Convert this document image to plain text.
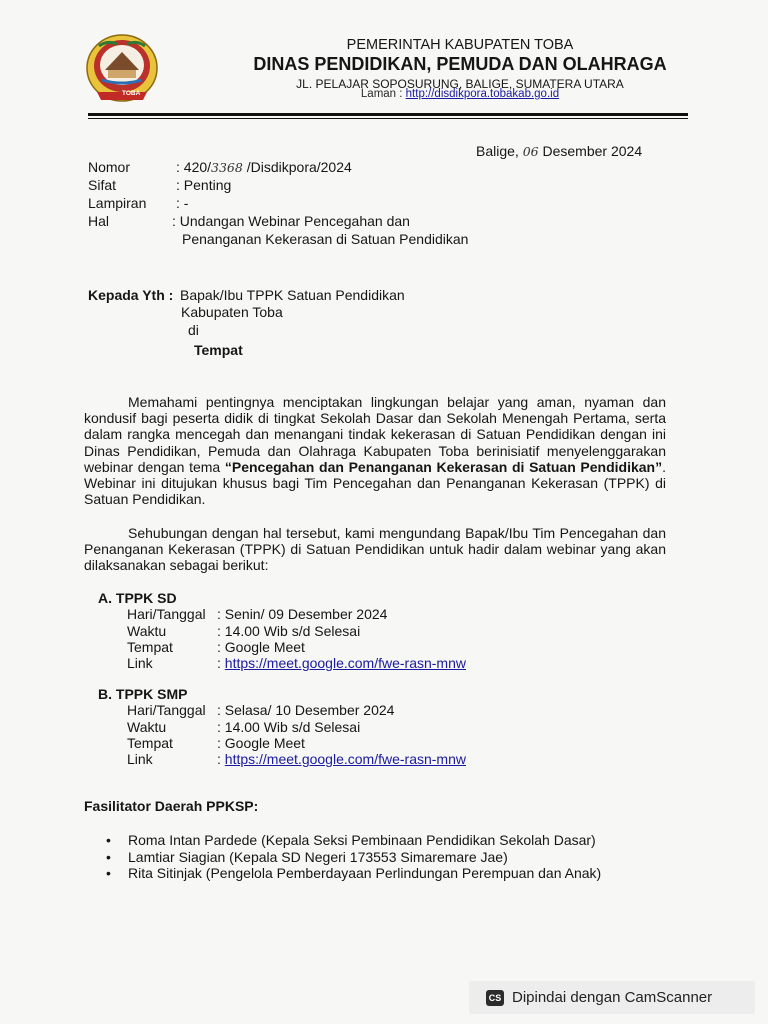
TOBA
PEMERINTAH KABUPATEN TOBA
DINAS PENDIDIKAN, PEMUDA DAN OLAHRAGA
JL. PELAJAR SOPOSURUNG, BALIGE, SUMATERA UTARA
Laman : http://disdikpora.tobakab.go.id
Balige, 06 Desember 2024
Nomor	: 420/3368 /Disdikpora/2024
Sifat	: Penting
Lampiran : -
Hal	: Undangan Webinar Pencegahan dan
Penanganan Kekerasan di Satuan Pendidikan
Kepada Yth : Bapak/Ibu TPPK Satuan Pendidikan
Kabupaten Toba
di
Tempat
Memahami pentingnya menciptakan lingkungan belajar yang aman, nyaman dan kondusif bagi peserta didik di tingkat Sekolah Dasar dan Sekolah Menengah Pertama, serta dalam rangka mencegah dan menangani tindak kekerasan di Satuan Pendidikan dengan ini Dinas Pendidikan, Pemuda dan Olahraga Kabupaten Toba berinisiatif menyelenggarakan webinar dengan tema “Pencegahan dan Penanganan Kekerasan di Satuan Pendidikan”. Webinar ini ditujukan khusus bagi Tim Pencegahan dan Penanganan Kekerasan (TPPK) di Satuan Pendidikan.
Sehubungan dengan hal tersebut, kami mengundang Bapak/Ibu Tim Pencegahan dan Penanganan Kekerasan (TPPK) di Satuan Pendidikan untuk hadir dalam webinar yang akan dilaksanakan sebagai berikut:
A. TPPK SD
Hari/Tanggal : Senin/ 09 Desember 2024
Waktu	: 14.00 Wib s/d Selesai
Tempat	: Google Meet
Link	: https://meet.google.com/fwe-rasn-mnw
B. TPPK SMP
Hari/Tanggal : Selasa/ 10 Desember 2024
Waktu	: 14.00 Wib s/d Selesai
Tempat	: Google Meet
Link	: https://meet.google.com/fwe-rasn-mnw
Fasilitator Daerah PPKSP:
• Roma Intan Pardede (Kepala Seksi Pembinaan Pendidikan Sekolah Dasar)
• Lamtiar Siagian (Kepala SD Negeri 173553 Simaremare Jae)
• Rita Sitinjak (Pengelola Pemberdayaan Perlindungan Perempuan dan Anak)
CS Dipindai dengan CamScanner
